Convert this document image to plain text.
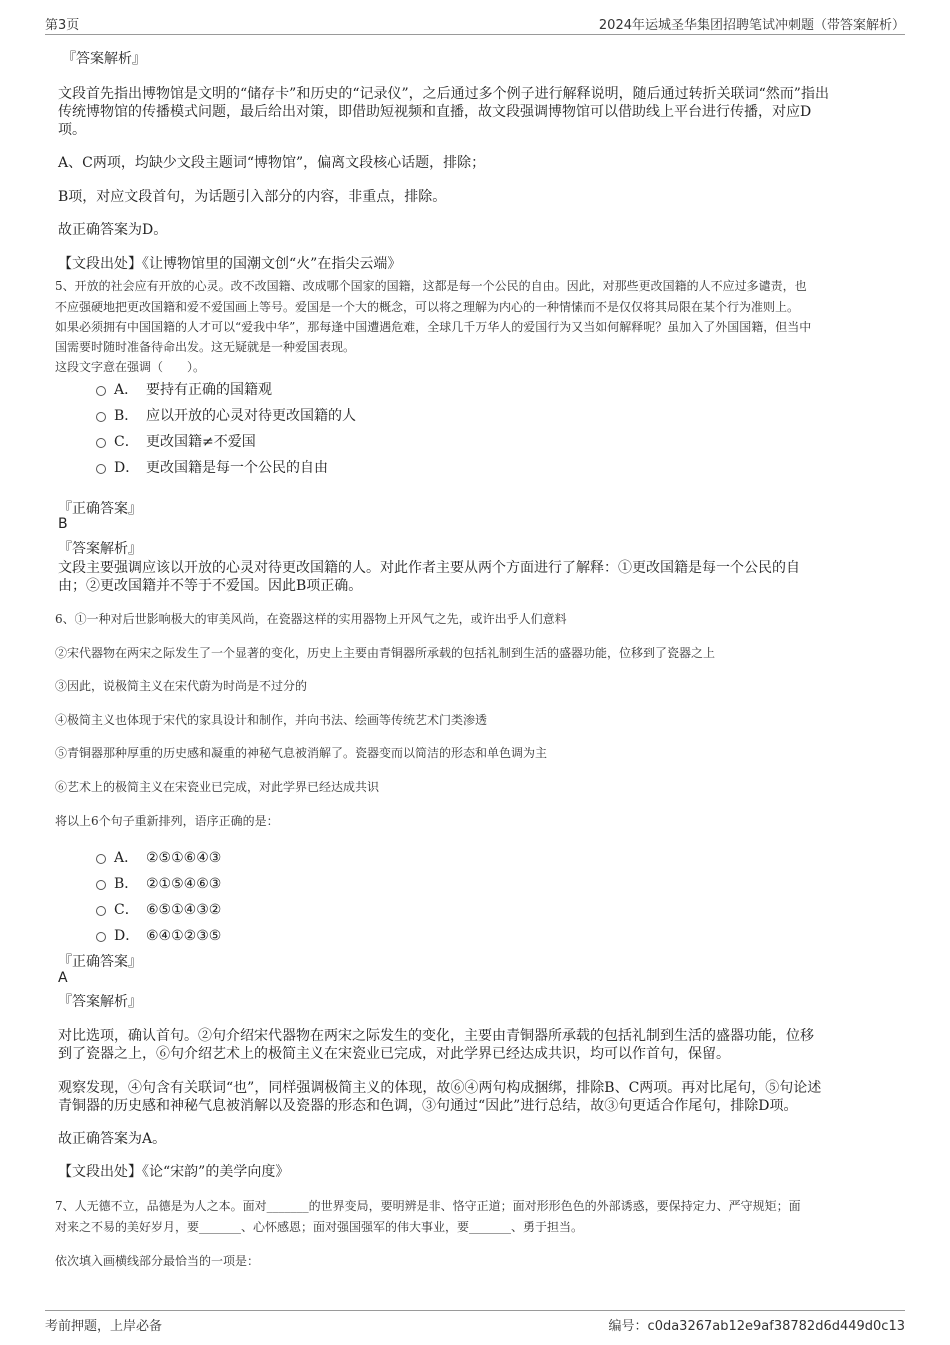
第3页	2024年运城圣华集团招聘笔试冲刺题（带答案解析）
『答案解析』
文段首先指出博物馆是文明的“储存卡”和历史的“记录仪”，之后通过多个例子进行解释说明，随后通过转折关联词“然而”指出
传统博物馆的传播模式问题，最后给出对策，即借助短视频和直播，故文段强调博物馆可以借助线上平台进行传播，对应D
项。
A、C两项，均缺少文段主题词“博物馆”，偏离文段核心话题，排除；
B项，对应文段首句，为话题引入部分的内容，非重点，排除。
故正确答案为D。
【文段出处】《让博物馆里的国潮文创“火”在指尖云端》
5、开放的社会应有开放的心灵。改不改国籍、改成哪个国家的国籍，这都是每一个公民的自由。因此，对那些更改国籍的人不应过多谴责，也
不应强硬地把更改国籍和爱不爱国画上等号。爱国是一个大的概念，可以将之理解为内心的一种情愫而不是仅仅将其局限在某个行为准则上。
如果必须拥有中国国籍的人才可以“爱我中华”，那每逢中国遭遇危难，全球几千万华人的爱国行为又当如何解释呢？虽加入了外国国籍，但当中
国需要时随时准备待命出发。这无疑就是一种爱国表现。
这段文字意在强调（　　）。
A． 要持有正确的国籍观
B． 应以开放的心灵对待更改国籍的人
C． 更改国籍≠不爱国
D． 更改国籍是每一个公民的自由
『正确答案』
B
『答案解析』
文段主要强调应该以开放的心灵对待更改国籍的人。对此作者主要从两个方面进行了解释：①更改国籍是每一个公民的自
由；②更改国籍并不等于不爱国。因此B项正确。
6、①一种对后世影响极大的审美风尚，在瓷器这样的实用器物上开风气之先，或许出乎人们意料
②宋代器物在两宋之际发生了一个显著的变化，历史上主要由青铜器所承载的包括礼制到生活的盛器功能，位移到了瓷器之上
③因此，说极简主义在宋代蔚为时尚是不过分的
④极简主义也体现于宋代的家具设计和制作，并向书法、绘画等传统艺术门类渗透
⑤青铜器那种厚重的历史感和凝重的神秘气息被消解了。瓷器变而以简洁的形态和单色调为主
⑥艺术上的极简主义在宋瓷业已完成，对此学界已经达成共识
将以上6个句子重新排列，语序正确的是：
A． ②⑤①⑥④③
B． ②①⑤④⑥③
C． ⑥⑤①④③②
D． ⑥④①②③⑤
『正确答案』
A
『答案解析』
对比选项，确认首句。②句介绍宋代器物在两宋之际发生的变化，主要由青铜器所承载的包括礼制到生活的盛器功能，位移
到了瓷器之上，⑥句介绍艺术上的极简主义在宋瓷业已完成，对此学界已经达成共识，均可以作首句，保留。
观察发现，④句含有关联词“也”，同样强调极简主义的体现，故⑥④两句构成捆绑，排除B、C两项。再对比尾句，⑤句论述
青铜器的历史感和神秘气息被消解以及瓷器的形态和色调，③句通过“因此”进行总结，故③句更适合作尾句，排除D项。
故正确答案为A。
【文段出处】《论“宋韵”的美学向度》
7、人无德不立，品德是为人之本。面对_______的世界变局，要明辨是非、恪守正道；面对形形色色的外部诱惑，要保持定力、严守规矩；面
对来之不易的美好岁月，要_______、心怀感恩；面对强国强军的伟大事业，要_______、勇于担当。
依次填入画横线部分最恰当的一项是：
考前押题，上岸必备	编号：c0da3267ab12e9af38782d6d449d0c13
